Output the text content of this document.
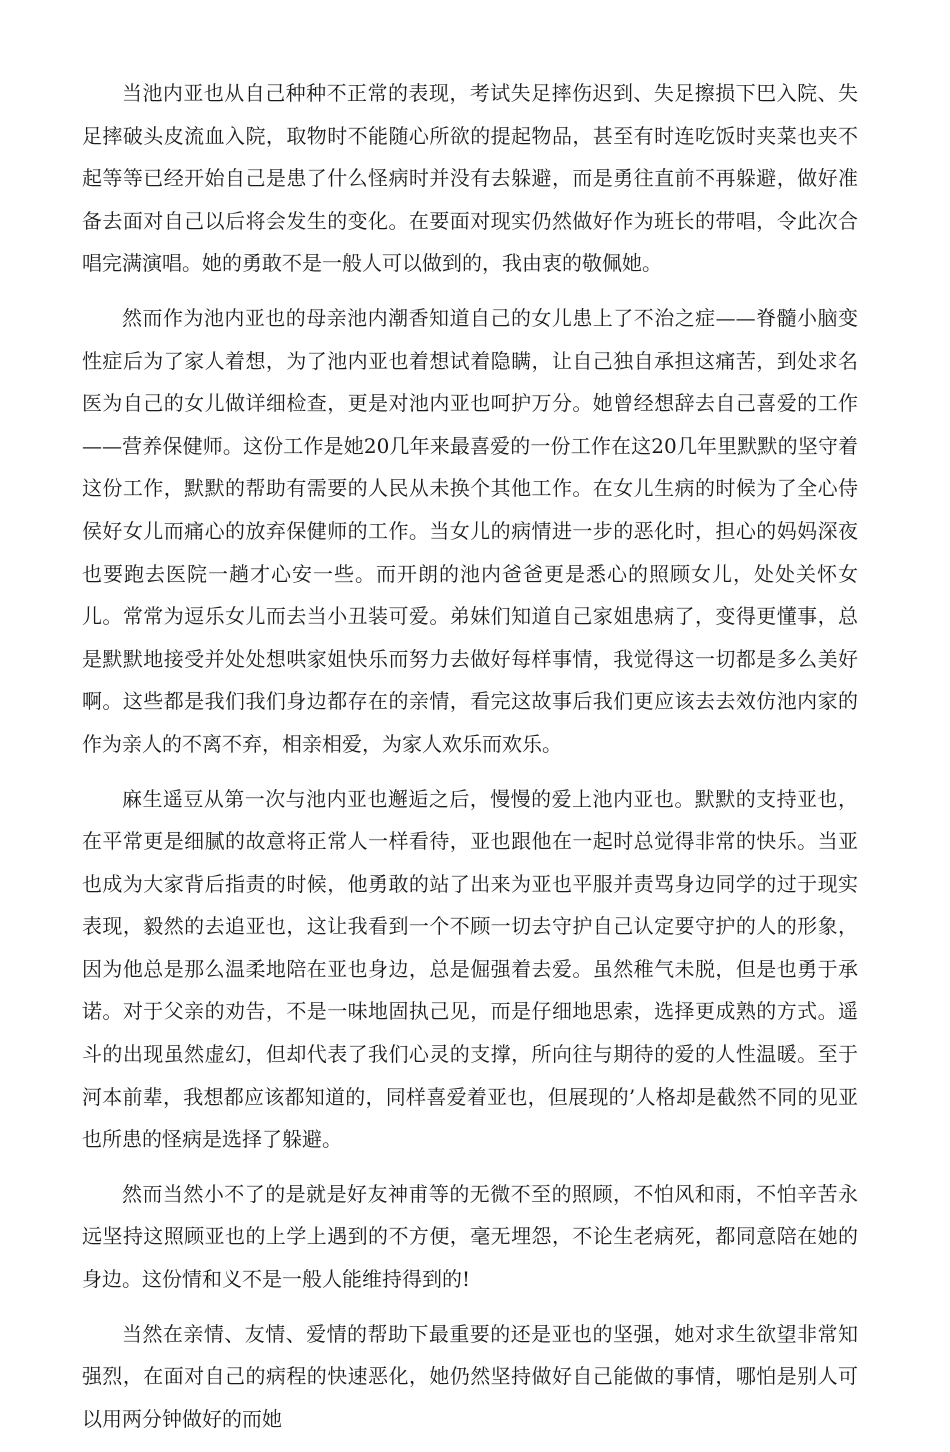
当池内亚也从自己种种不正常的表现，考试失足摔伤迟到、失足擦损下巴入院、失足摔破头皮流血入院，取物时不能随心所欲的提起物品，甚至有时连吃饭时夹菜也夹不起等等已经开始自己是患了什么怪病时并没有去躲避，而是勇往直前不再躲避，做好准备去面对自己以后将会发生的变化。在要面对现实仍然做好作为班长的带唱，令此次合唱完满演唱。她的勇敢不是一般人可以做到的，我由衷的敬佩她。

然而作为池内亚也的母亲池内潮香知道自己的女儿患上了不治之症——脊髓小脑变性症后为了家人着想，为了池内亚也着想试着隐瞒，让自己独自承担这痛苦，到处求名医为自己的女儿做详细检查，更是对池内亚也呵护万分。她曾经想辞去自己喜爱的工作——营养保健师。这份工作是她20几年来最喜爱的一份工作在这20几年里默默的坚守着这份工作，默默的帮助有需要的人民从未换个其他工作。在女儿生病的时候为了全心侍侯好女儿而痛心的放弃保健师的工作。当女儿的病情进一步的恶化时，担心的妈妈深夜也要跑去医院一趟才心安一些。而开朗的池内爸爸更是悉心的照顾女儿，处处关怀女儿。常常为逗乐女儿而去当小丑装可爱。弟妹们知道自己家姐患病了，变得更懂事，总是默默地接受并处处想哄家姐快乐而努力去做好每样事情，我觉得这一切都是多么美好啊。这些都是我们我们身边都存在的亲情，看完这故事后我们更应该去去效仿池内家的作为亲人的不离不弃，相亲相爱，为家人欢乐而欢乐。

麻生遥豆从第一次与池内亚也邂逅之后，慢慢的爱上池内亚也。默默的支持亚也，在平常更是细腻的故意将正常人一样看待，亚也跟他在一起时总觉得非常的快乐。当亚也成为大家背后指责的时候，他勇敢的站了出来为亚也平服并责骂身边同学的过于现实表现，毅然的去追亚也，这让我看到一个不顾一切去守护自己认定要守护的人的形象，因为他总是那么温柔地陪在亚也身边，总是倔强着去爱。虽然稚气未脱，但是也勇于承诺。对于父亲的劝告，不是一味地固执己见，而是仔细地思索，选择更成熟的方式。遥斗的出现虽然虚幻，但却代表了我们心灵的支撑，所向往与期待的爱的人性温暖。至于河本前辈，我想都应该都知道的，同样喜爱着亚也，但展现的’人格却是截然不同的见亚也所患的怪病是选择了躲避。

然而当然小不了的是就是好友神甫等的无微不至的照顾，不怕风和雨，不怕辛苦永远坚持这照顾亚也的上学上遇到的不方便，毫无埋怨，不论生老病死，都同意陪在她的身边。这份情和义不是一般人能维持得到的!

当然在亲情、友情、爱情的帮助下最重要的还是亚也的坚强，她对求生欲望非常知强烈，在面对自己的病程的快速恶化，她仍然坚持做好自己能做的事情，哪怕是别人可以用两分钟做好的而她
